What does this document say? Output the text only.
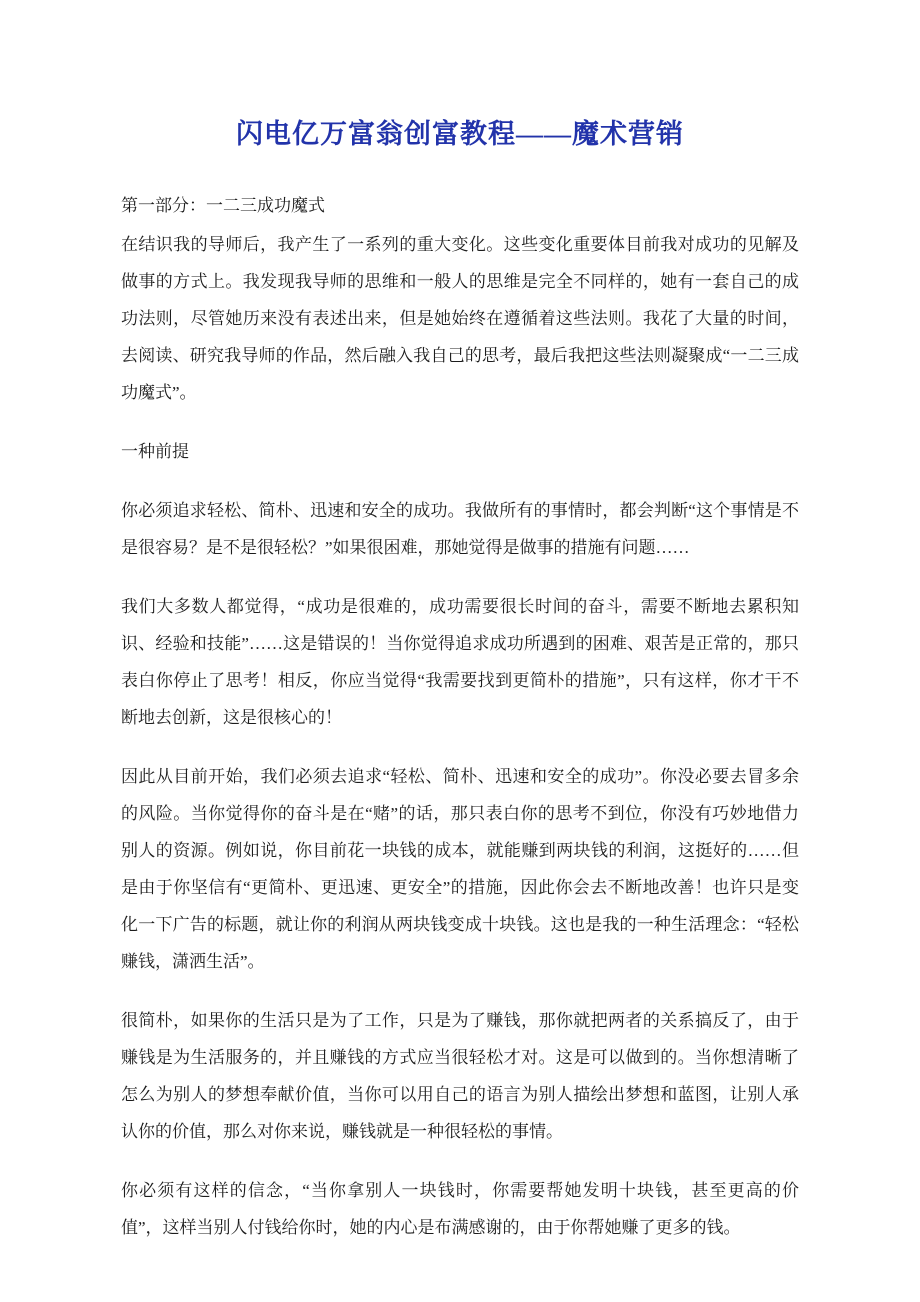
闪电亿万富翁创富教程——魔术营销

第一部分：一二三成功魔式

在结识我的导师后，我产生了一系列的重大变化。这些变化重要体目前我对成功的见解及做事的方式上。我发现我导师的思维和一般人的思维是完全不同样的，她有一套自己的成功法则，尽管她历来没有表述出来，但是她始终在遵循着这些法则。我花了大量的时间，去阅读、研究我导师的作品，然后融入我自己的思考，最后我把这些法则凝聚成“一二三成功魔式”。

一种前提

你必须追求轻松、简朴、迅速和安全的成功。我做所有的事情时，都会判断“这个事情是不是很容易？是不是很轻松？”如果很困难，那她觉得是做事的措施有问题……

我们大多数人都觉得，“成功是很难的，成功需要很长时间的奋斗，需要不断地去累积知识、经验和技能”……这是错误的！当你觉得追求成功所遇到的困难、艰苦是正常的，那只表白你停止了思考！相反，你应当觉得“我需要找到更简朴的措施”，只有这样，你才干不断地去创新，这是很核心的！

因此从目前开始，我们必须去追求“轻松、简朴、迅速和安全的成功”。你没必要去冒多余的风险。当你觉得你的奋斗是在“赌”的话，那只表白你的思考不到位，你没有巧妙地借力别人的资源。例如说，你目前花一块钱的成本，就能赚到两块钱的利润，这挺好的……但是由于你坚信有“更简朴、更迅速、更安全”的措施，因此你会去不断地改善！也许只是变化一下广告的标题，就让你的利润从两块钱变成十块钱。这也是我的一种生活理念：“轻松赚钱，潇洒生活”。

很简朴，如果你的生活只是为了工作，只是为了赚钱，那你就把两者的关系搞反了，由于赚钱是为生活服务的，并且赚钱的方式应当很轻松才对。这是可以做到的。当你想清晰了怎么为别人的梦想奉献价值，当你可以用自己的语言为别人描绘出梦想和蓝图，让别人承认你的价值，那么对你来说，赚钱就是一种很轻松的事情。

你必须有这样的信念，“当你拿别人一块钱时，你需要帮她发明十块钱，甚至更高的价值”，这样当别人付钱给你时，她的内心是布满感谢的，由于你帮她赚了更多的钱。
